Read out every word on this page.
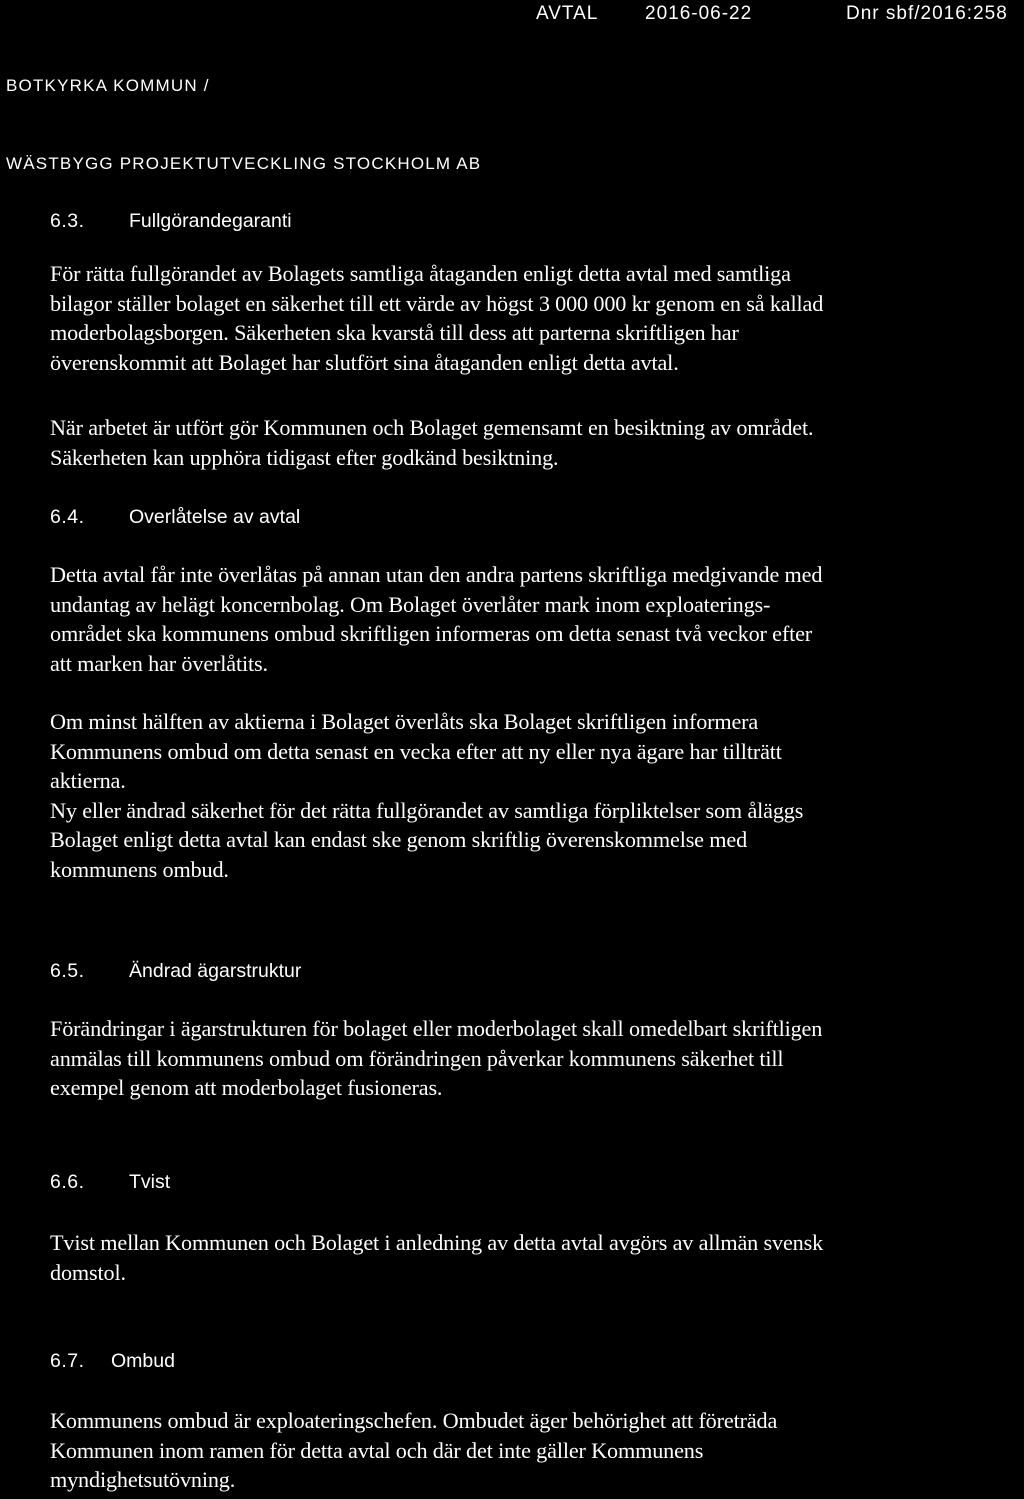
AVTAL 2016-06-22	Dnr sbf/2016:258
BOTKYRKA KOMMUN /
WÄSTBYGG PROJEKTUTVECKLING STOCKHOLM AB
6.3. Fullgörandegaranti
För rätta fullgörandet av Bolagets samtliga åtaganden enligt detta avtal med samtliga
bilagor ställer bolaget en säkerhet till ett värde av högst 3 000 000 kr genom en så kallad
moderbolagsborgen. Säkerheten ska kvarstå till dess att parterna skriftligen har
överenskommit att Bolaget har slutfört sina åtaganden enligt detta avtal.
När arbetet är utfört gör Kommunen och Bolaget gemensamt en besiktning av området.
Säkerheten kan upphöra tidigast efter godkänd besiktning.
6.4. Overlåtelse av avtal
Detta avtal får inte överlåtas på annan utan den andra partens skriftliga medgivande med
undantag av helägt koncernbolag. Om Bolaget överlåter mark inom exploaterings-
området ska kommunens ombud skriftligen informeras om detta senast två veckor efter
att marken har överlåtits.
Om minst hälften av aktierna i Bolaget överlåts ska Bolaget skriftligen informera
Kommunens ombud om detta senast en vecka efter att ny eller nya ägare har tillträtt
aktierna.
Ny eller ändrad säkerhet för det rätta fullgörandet av samtliga förpliktelser som åläggs
Bolaget enligt detta avtal kan endast ske genom skriftlig överenskommelse med
kommunens ombud.
6.5. Ändrad ägarstruktur
Förändringar i ägarstrukturen för bolaget eller moderbolaget skall omedelbart skriftligen
anmälas till kommunens ombud om förändringen påverkar kommunens säkerhet till
exempel genom att moderbolaget fusioneras.
6.6. Tvist
Tvist mellan Kommunen och Bolaget i anledning av detta avtal avgörs av allmän svensk
domstol.
6.7. Ombud
Kommunens ombud är exploateringschefen. Ombudet äger behörighet att företräda
Kommunen inom ramen för detta avtal och där det inte gäller Kommunens
myndighetsutövning.
